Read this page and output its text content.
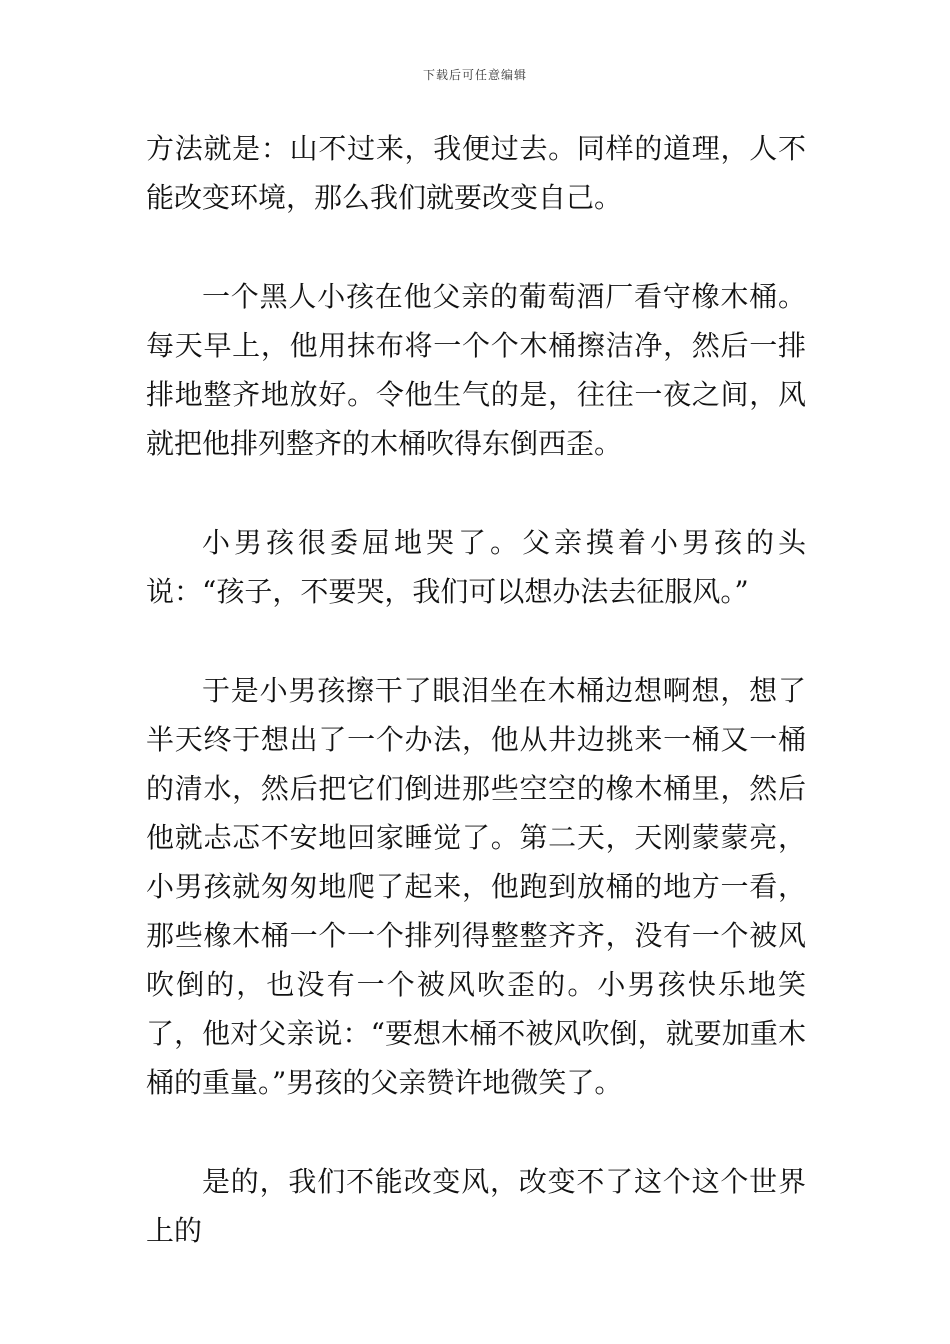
下载后可任意编辑

方法就是：山不过来，我便过去。同样的道理，人不能改变环境，那么我们就要改变自己。

一个黑人小孩在他父亲的葡萄酒厂看守橡木桶。每天早上，他用抹布将一个个木桶擦洁净，然后一排排地整齐地放好。令他生气的是，往往一夜之间，风就把他排列整齐的木桶吹得东倒西歪。

小男孩很委屈地哭了。父亲摸着小男孩的头说：“孩子，不要哭，我们可以想办法去征服风。”

于是小男孩擦干了眼泪坐在木桶边想啊想，想了半天终于想出了一个办法，他从井边挑来一桶又一桶的清水，然后把它们倒进那些空空的橡木桶里，然后他就忐忑不安地回家睡觉了。第二天，天刚蒙蒙亮，小男孩就匆匆地爬了起来，他跑到放桶的地方一看，那些橡木桶一个一个排列得整整齐齐，没有一个被风吹倒的，也没有一个被风吹歪的。小男孩快乐地笑了，他对父亲说：“要想木桶不被风吹倒，就要加重木桶的重量。”男孩的父亲赞许地微笑了。

是的，我们不能改变风，改变不了这个这个世界上的
